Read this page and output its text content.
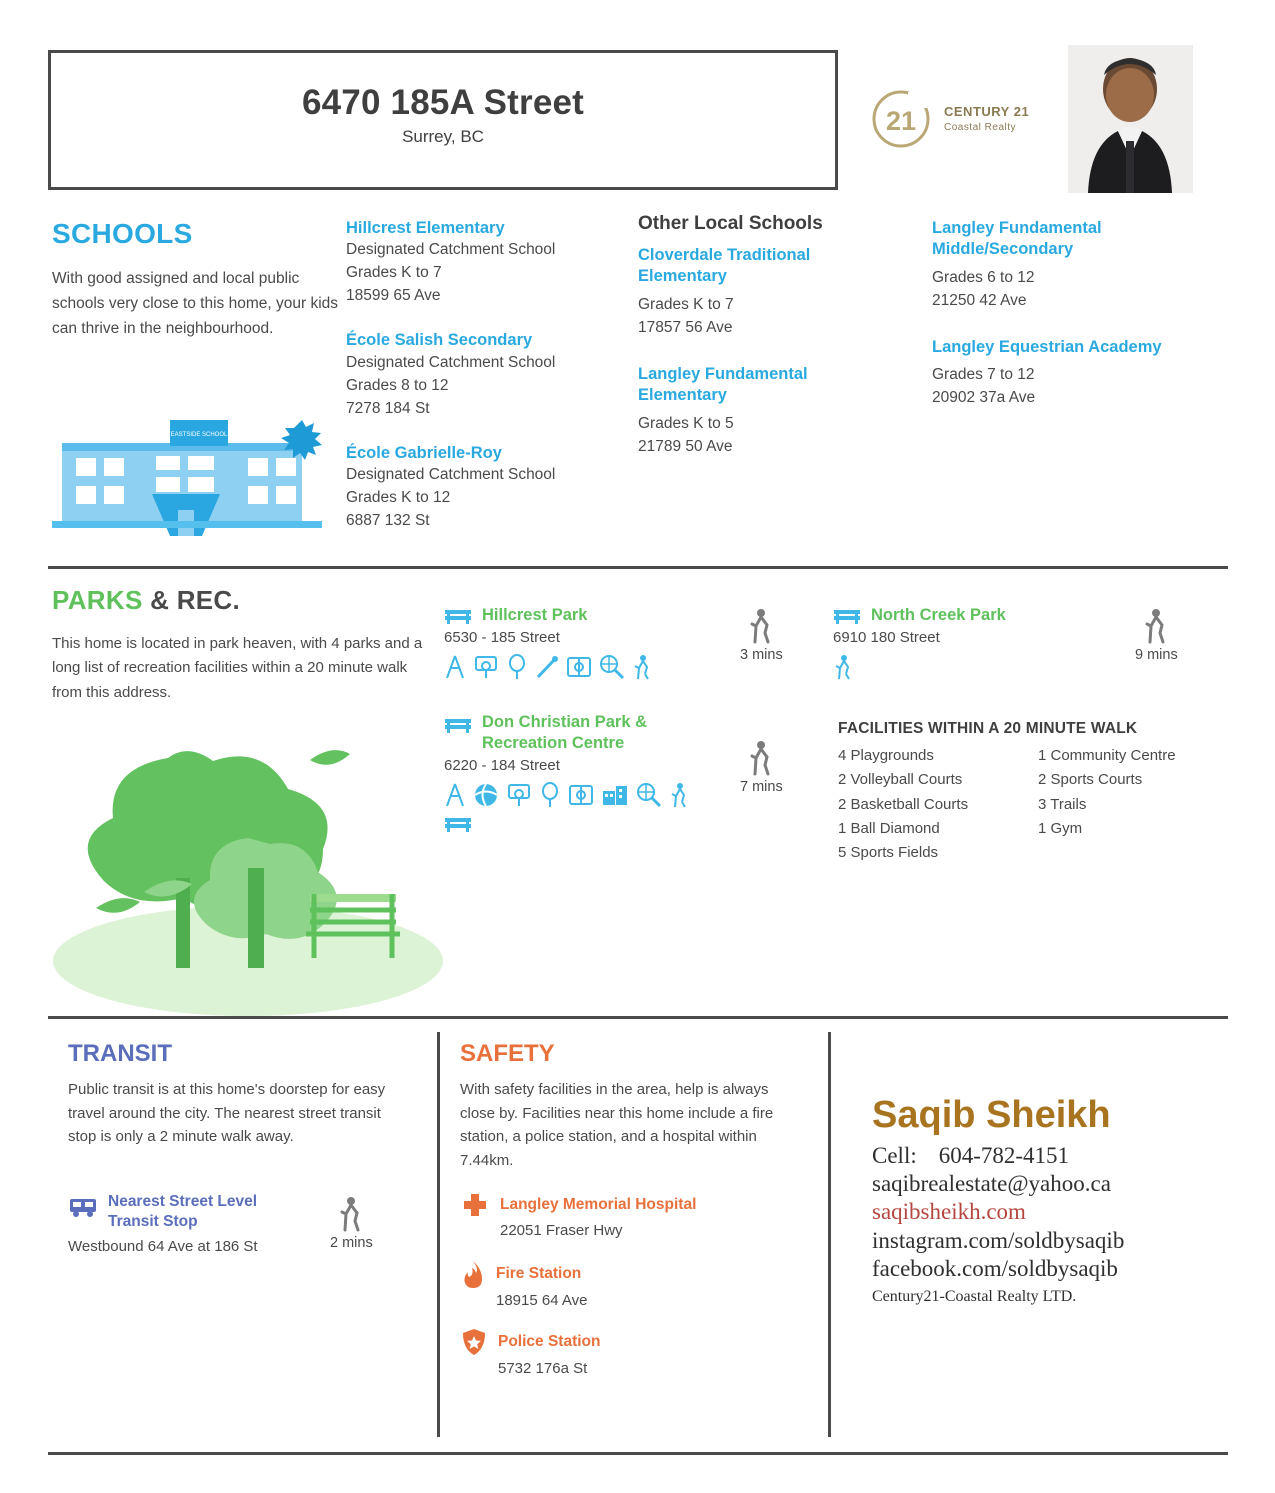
6470 185A Street
Surrey, BC
21 CENTURY 21
Coastal Realty
SCHOOLS
With good assigned and local public schools very close to this home, your kids can thrive in the neighbourhood.
EASTSIDE SCHOOL
Hillcrest Elementary
Designated Catchment School
Grades K to 7
18599 65 Ave
École Salish Secondary
Designated Catchment School
Grades 8 to 12
7278 184 St
École Gabrielle-Roy
Designated Catchment School
Grades K to 12
6887 132 St
Other Local Schools
Cloverdale Traditional Elementary
Grades K to 7
17857 56 Ave
Langley Fundamental Elementary
Grades K to 5
21789 50 Ave
Langley Fundamental Middle/Secondary
Grades 6 to 12
21250 42 Ave
Langley Equestrian Academy
Grades 7 to 12
20902 37a Ave
PARKS & REC.
This home is located in park heaven, with 4 parks and a long list of recreation facilities within a 20 minute walk from this address.
Hillcrest Park
6530 - 185 Street
3 mins
North Creek Park
6910 180 Street
9 mins
Don Christian Park & Recreation Centre
6220 - 184 Street
7 mins
FACILITIES WITHIN A 20 MINUTE WALK
4 Playgrounds
2 Volleyball Courts
2 Basketball Courts
1 Ball Diamond
5 Sports Fields
1 Community Centre
2 Sports Courts
3 Trails
1 Gym
TRANSIT
Public transit is at this home's doorstep for easy travel around the city. The nearest street transit stop is only a 2 minute walk away.
Nearest Street Level Transit Stop
Westbound 64 Ave at 186 St	2 mins
SAFETY
With safety facilities in the area, help is always close by. Facilities near this home include a fire station, a police station, and a hospital within 7.44km.
Langley Memorial Hospital
22051 Fraser Hwy
Fire Station
18915 64 Ave
Police Station
5732 176a St
Saqib Sheikh
Cell: 604-782-4151
saqibrealestate@yahoo.ca
saqibsheikh.com
instagram.com/soldbysaqib
facebook.com/soldbysaqib
Century21-Coastal Realty LTD.
